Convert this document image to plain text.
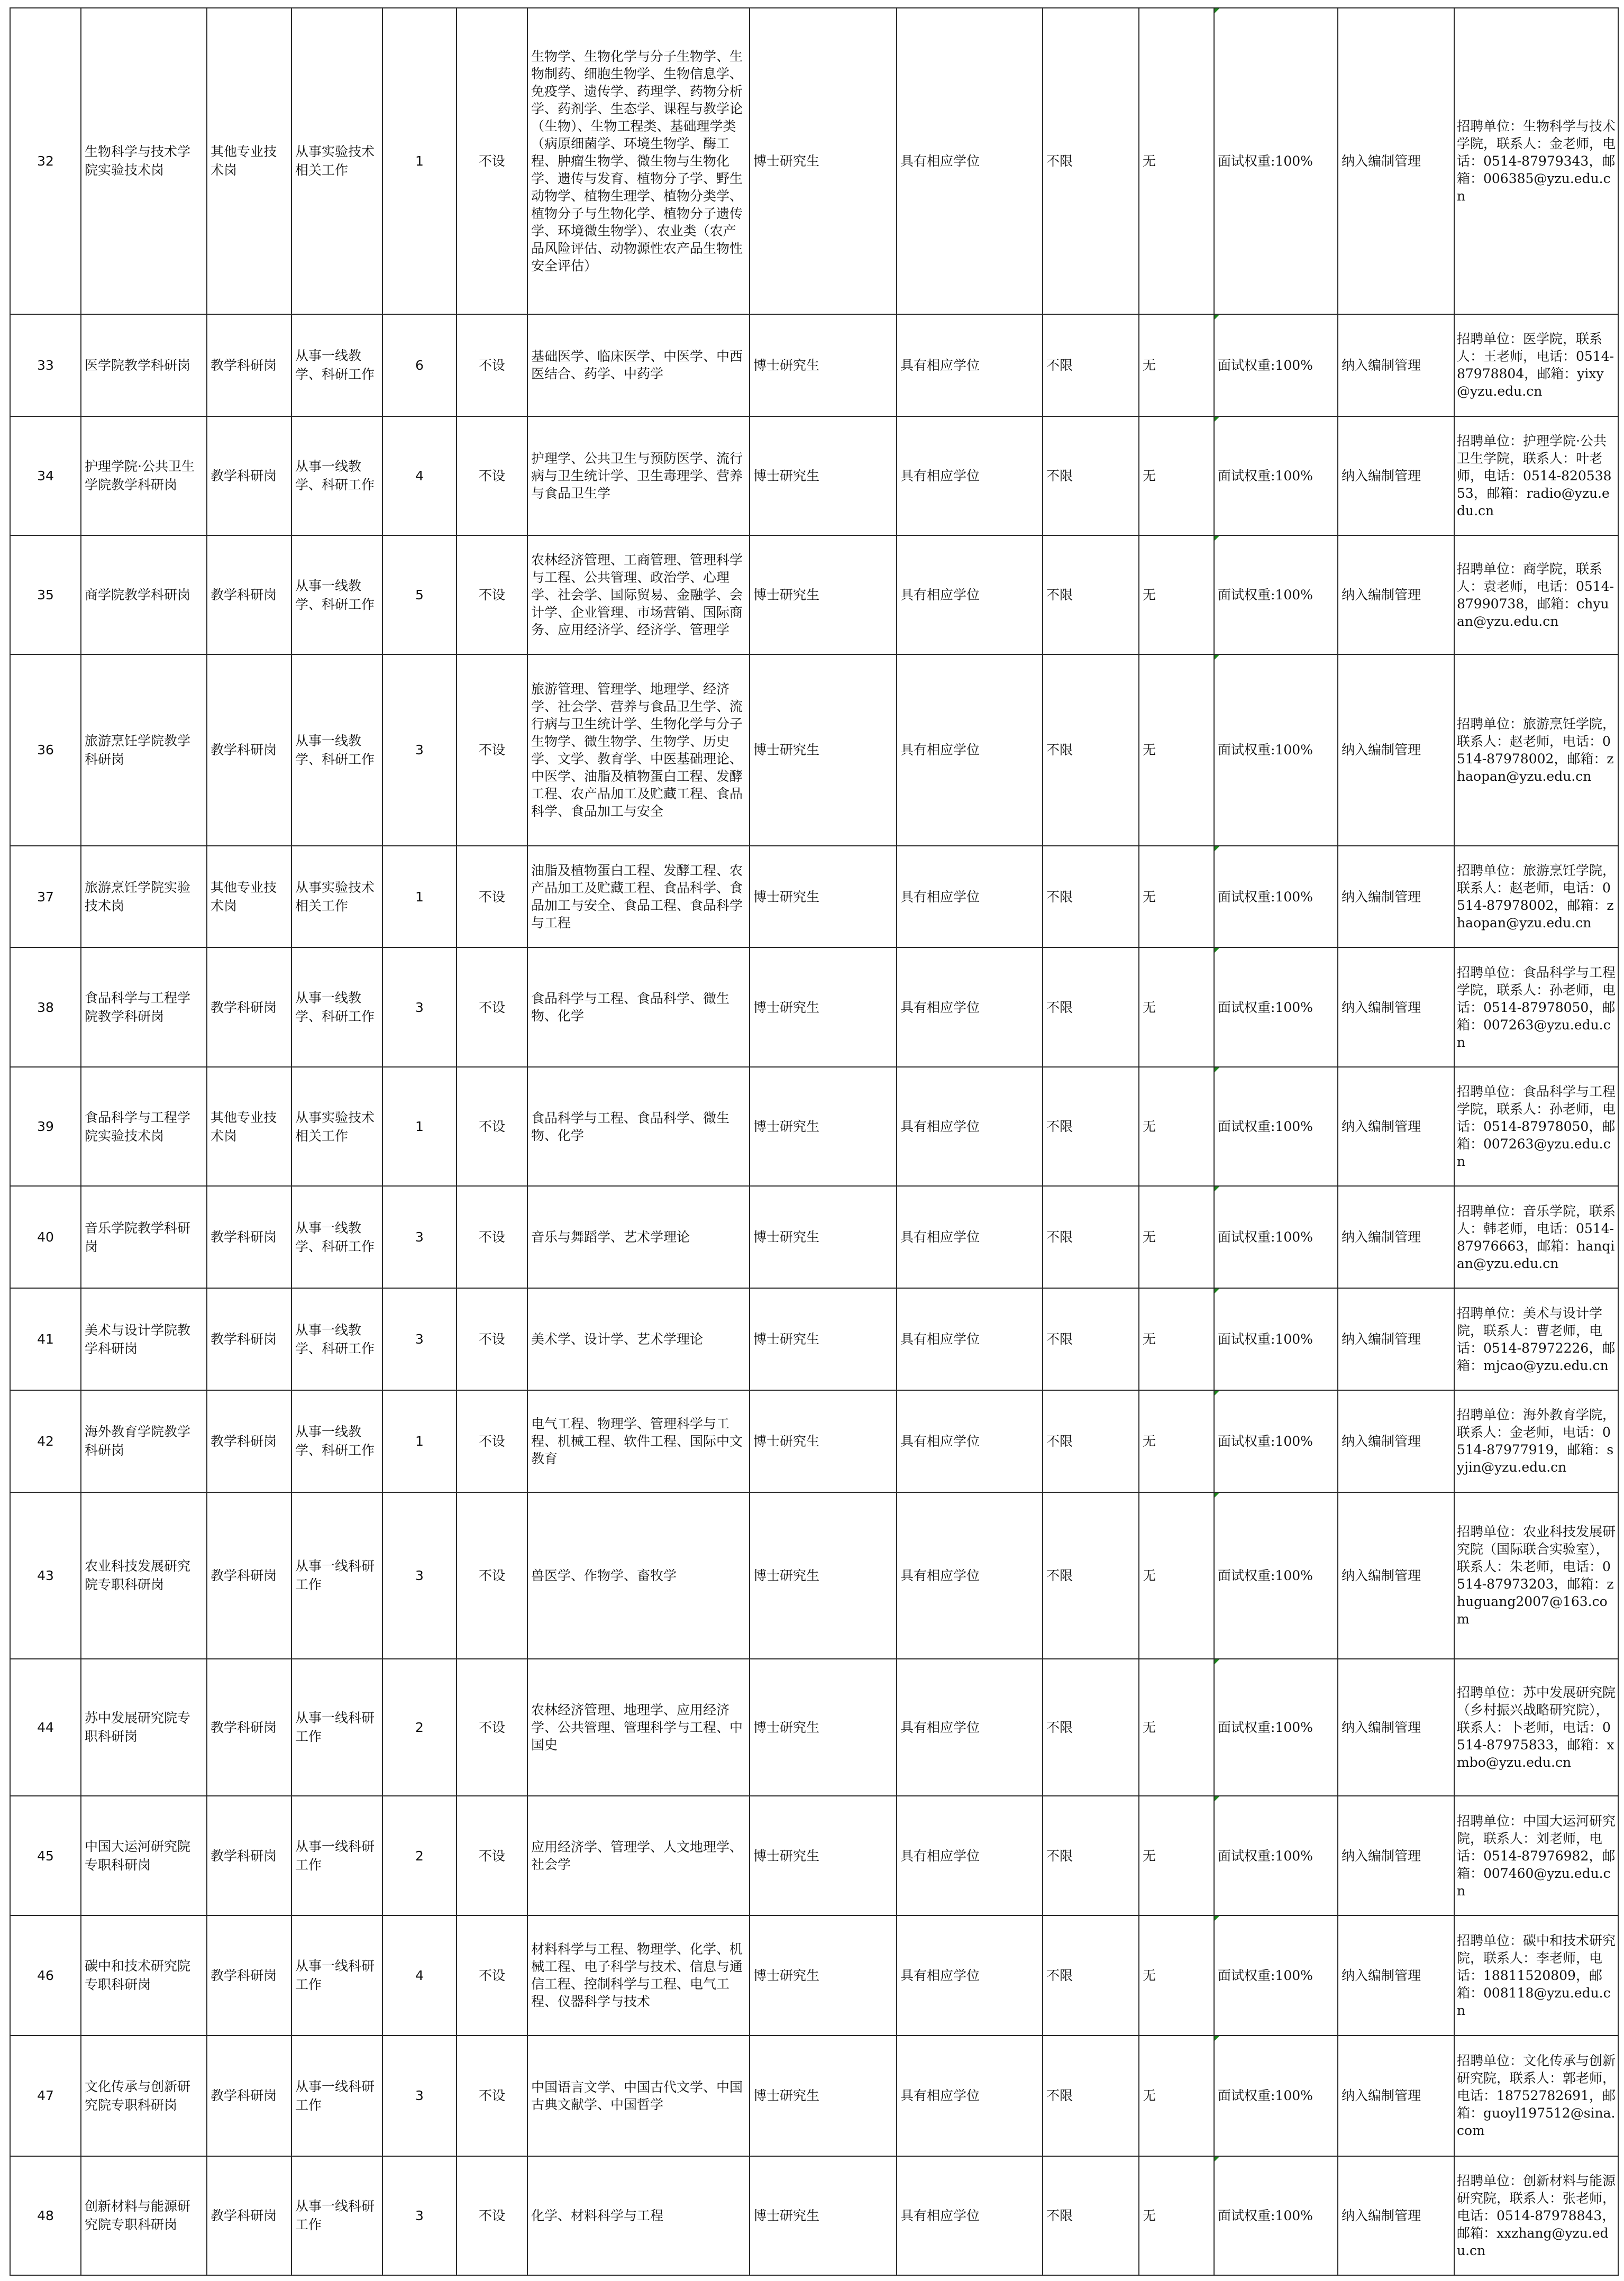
32	生物科学与技术学院实验技术岗	其他专业技术岗	从事实验技术相关工作	1	不设	生物学、生物化学与分子生物学、生物制药、细胞生物学、生物信息学、免疫学、遗传学、药理学、药物分析学、药剂学、生态学、课程与教学论（生物）、生物工程类、基础理学类（病原细菌学、环境生物学、酶工程、肿瘤生物学、微生物与生物化学、遗传与发育、植物分子学、野生动物学、植物生理学、植物分类学、植物分子与生物化学、植物分子遗传学、环境微生物学）、农业类（农产品风险评估、动物源性农产品生物性安全评估）	博士研究生	具有相应学位	不限	无	面试权重:100%	纳入编制管理	招聘单位：生物科学与技术学院，联系人：金老师，电话：0514-87979343，邮箱：006385@yzu.edu.cn
33	医学院教学科研岗	教学科研岗	从事一线教学、科研工作	6	不设	基础医学、临床医学、中医学、中西医结合、药学、中药学	博士研究生	具有相应学位	不限	无	面试权重:100%	纳入编制管理	招聘单位：医学院，联系人：王老师，电话：0514-87978804，邮箱：yixy@yzu.edu.cn
34	护理学院·公共卫生学院教学科研岗	教学科研岗	从事一线教学、科研工作	4	不设	护理学、公共卫生与预防医学、流行病与卫生统计学、卫生毒理学、营养与食品卫生学	博士研究生	具有相应学位	不限	无	面试权重:100%	纳入编制管理	招聘单位：护理学院·公共卫生学院，联系人：叶老师，电话：0514-82053853，邮箱：radio@yzu.edu.cn
35	商学院教学科研岗	教学科研岗	从事一线教学、科研工作	5	不设	农林经济管理、工商管理、管理科学与工程、公共管理、政治学、心理学、社会学、国际贸易、金融学、会计学、企业管理、市场营销、国际商务、应用经济学、经济学、管理学	博士研究生	具有相应学位	不限	无	面试权重:100%	纳入编制管理	招聘单位：商学院，联系人：袁老师，电话：0514-87990738，邮箱：chyuan@yzu.edu.cn
36	旅游烹饪学院教学科研岗	教学科研岗	从事一线教学、科研工作	3	不设	旅游管理、管理学、地理学、经济学、社会学、营养与食品卫生学、流行病与卫生统计学、生物化学与分子生物学、微生物学、生物学、历史学、文学、教育学、中医基础理论、中医学、油脂及植物蛋白工程、发酵工程、农产品加工及贮藏工程、食品科学、食品加工与安全	博士研究生	具有相应学位	不限	无	面试权重:100%	纳入编制管理	招聘单位：旅游烹饪学院，联系人：赵老师，电话：0514-87978002，邮箱：zhaopan@yzu.edu.cn
37	旅游烹饪学院实验技术岗	其他专业技术岗	从事实验技术相关工作	1	不设	油脂及植物蛋白工程、发酵工程、农产品加工及贮藏工程、食品科学、食品加工与安全、食品工程、食品科学与工程	博士研究生	具有相应学位	不限	无	面试权重:100%	纳入编制管理	招聘单位：旅游烹饪学院，联系人：赵老师，电话：0514-87978002，邮箱：zhaopan@yzu.edu.cn
38	食品科学与工程学院教学科研岗	教学科研岗	从事一线教学、科研工作	3	不设	食品科学与工程、食品科学、微生物、化学	博士研究生	具有相应学位	不限	无	面试权重:100%	纳入编制管理	招聘单位：食品科学与工程学院，联系人：孙老师，电话：0514-87978050，邮箱：007263@yzu.edu.cn
39	食品科学与工程学院实验技术岗	其他专业技术岗	从事实验技术相关工作	1	不设	食品科学与工程、食品科学、微生物、化学	博士研究生	具有相应学位	不限	无	面试权重:100%	纳入编制管理	招聘单位：食品科学与工程学院，联系人：孙老师，电话：0514-87978050，邮箱：007263@yzu.edu.cn
40	音乐学院教学科研岗	教学科研岗	从事一线教学、科研工作	3	不设	音乐与舞蹈学、艺术学理论	博士研究生	具有相应学位	不限	无	面试权重:100%	纳入编制管理	招聘单位：音乐学院，联系人：韩老师，电话：0514-87976663，邮箱：hanqian@yzu.edu.cn
41	美术与设计学院教学科研岗	教学科研岗	从事一线教学、科研工作	3	不设	美术学、设计学、艺术学理论	博士研究生	具有相应学位	不限	无	面试权重:100%	纳入编制管理	招聘单位：美术与设计学院，联系人：曹老师，电话：0514-87972226，邮箱：mjcao@yzu.edu.cn
42	海外教育学院教学科研岗	教学科研岗	从事一线教学、科研工作	1	不设	电气工程、物理学、管理科学与工程、机械工程、软件工程、国际中文教育	博士研究生	具有相应学位	不限	无	面试权重:100%	纳入编制管理	招聘单位：海外教育学院，联系人：金老师，电话：0514-87977919，邮箱：syjin@yzu.edu.cn
43	农业科技发展研究院专职科研岗	教学科研岗	从事一线科研工作	3	不设	兽医学、作物学、畜牧学	博士研究生	具有相应学位	不限	无	面试权重:100%	纳入编制管理	招聘单位：农业科技发展研究院（国际联合实验室），联系人：朱老师，电话：0514-87973203，邮箱：zhuguang2007@163.com
44	苏中发展研究院专职科研岗	教学科研岗	从事一线科研工作	2	不设	农林经济管理、地理学、应用经济学、公共管理、管理科学与工程、中国史	博士研究生	具有相应学位	不限	无	面试权重:100%	纳入编制管理	招聘单位：苏中发展研究院（乡村振兴战略研究院），联系人：卜老师，电话：0514-87975833，邮箱：xmbo@yzu.edu.cn
45	中国大运河研究院专职科研岗	教学科研岗	从事一线科研工作	2	不设	应用经济学、管理学、人文地理学、社会学	博士研究生	具有相应学位	不限	无	面试权重:100%	纳入编制管理	招聘单位：中国大运河研究院，联系人：刘老师，电话：0514-87976982，邮箱：007460@yzu.edu.cn
46	碳中和技术研究院专职科研岗	教学科研岗	从事一线科研工作	4	不设	材料科学与工程、物理学、化学、机械工程、电子科学与技术、信息与通信工程、控制科学与工程、电气工程、仪器科学与技术	博士研究生	具有相应学位	不限	无	面试权重:100%	纳入编制管理	招聘单位：碳中和技术研究院，联系人：李老师，电话：18811520809，邮箱：008118@yzu.edu.cn
47	文化传承与创新研究院专职科研岗	教学科研岗	从事一线科研工作	3	不设	中国语言文学、中国古代文学、中国古典文献学、中国哲学	博士研究生	具有相应学位	不限	无	面试权重:100%	纳入编制管理	招聘单位：文化传承与创新研究院，联系人：郭老师，电话：18752782691，邮箱：guoyl197512@sina.com
48	创新材料与能源研究院专职科研岗	教学科研岗	从事一线科研工作	3	不设	化学、材料科学与工程	博士研究生	具有相应学位	不限	无	面试权重:100%	纳入编制管理	招聘单位：创新材料与能源研究院，联系人：张老师，电话：0514-87978843，邮箱：xxzhang@yzu.edu.cn
